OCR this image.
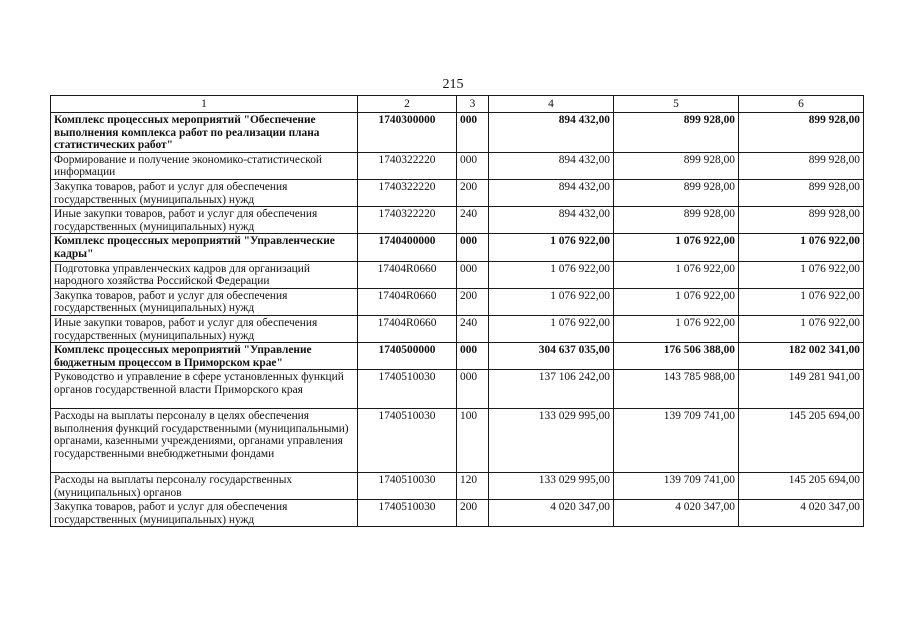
215
1	2	3	4	5	6
Комплекс процессных мероприятий "Обеспечение выполнения комплекса работ по реализации плана статистических работ"	1740300000	000	894 432,00	899 928,00	899 928,00
Формирование и получение экономико-статистической информации	1740322220	000	894 432,00	899 928,00	899 928,00
Закупка товаров, работ и услуг для обеспечения государственных (муниципальных) нужд	1740322220	200	894 432,00	899 928,00	899 928,00
Иные закупки товаров, работ и услуг для обеспечения государственных (муниципальных) нужд	1740322220	240	894 432,00	899 928,00	899 928,00
Комплекс процессных мероприятий "Управленческие кадры"	1740400000	000	1 076 922,00	1 076 922,00	1 076 922,00
Подготовка управленческих кадров для организаций народного хозяйства Российской Федерации	17404R0660	000	1 076 922,00	1 076 922,00	1 076 922,00
Закупка товаров, работ и услуг для обеспечения государственных (муниципальных) нужд	17404R0660	200	1 076 922,00	1 076 922,00	1 076 922,00
Иные закупки товаров, работ и услуг для обеспечения государственных (муниципальных) нужд	17404R0660	240	1 076 922,00	1 076 922,00	1 076 922,00
Комплекс процессных мероприятий "Управление бюджетным процессом в Приморском крае"	1740500000	000	304 637 035,00	176 506 388,00	182 002 341,00
Руководство и управление в сфере установленных функций органов государственной власти Приморского края	1740510030	000	137 106 242,00	143 785 988,00	149 281 941,00
Расходы на выплаты персоналу в целях обеспечения выполнения функций государственными (муниципальными) органами, казенными учреждениями, органами управления государственными внебюджетными фондами	1740510030	100	133 029 995,00	139 709 741,00	145 205 694,00
Расходы на выплаты персоналу государственных (муниципальных) органов	1740510030	120	133 029 995,00	139 709 741,00	145 205 694,00
Закупка товаров, работ и услуг для обеспечения государственных (муниципальных) нужд	1740510030	200	4 020 347,00	4 020 347,00	4 020 347,00
